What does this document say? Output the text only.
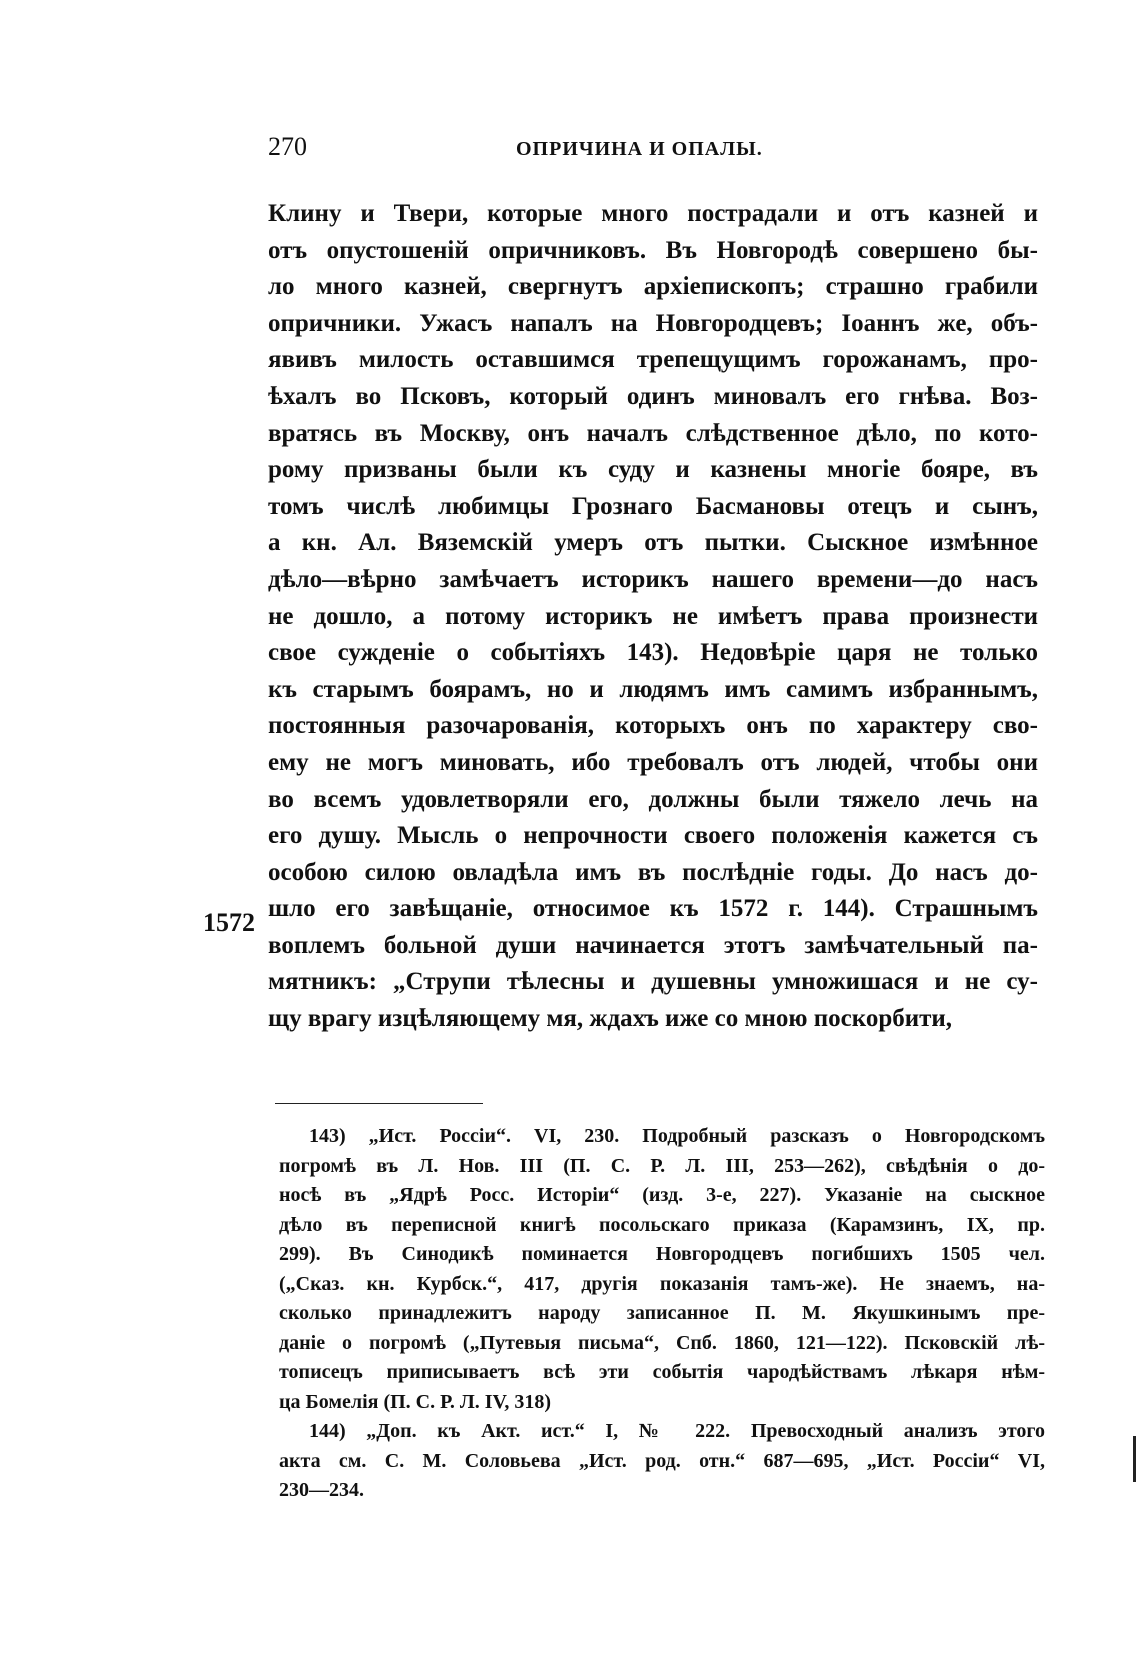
270	ОПРИЧИНА И ОПАЛЫ.
Клину и Твери, которые много пострадали и отъ казней и
отъ опустошеній опричниковъ. Въ Новгородѣ совершено бы-
ло много казней, свергнутъ архіепископъ; страшно грабили
опричники. Ужасъ напалъ на Новгородцевъ; Іоаннъ же, объ-
явивъ милость оставшимся трепещущимъ горожанамъ, про-
ѣхалъ во Псковъ, который одинъ миновалъ его гнѣва. Воз-
вратясь въ Москву, онъ началъ слѣдственное дѣло, по кото-
рому призваны были къ суду и казнены многіе бояре, въ
томъ числѣ любимцы Грознаго Басмановы отецъ и сынъ,
а кн. Ал. Вяземскій умеръ отъ пытки. Сыскное измѣнное
дѣло—вѣрно замѣчаетъ историкъ нашего времени—до насъ
не дошло, а потому историкъ не имѣетъ права произнести
свое сужденіе о событіяхъ 143). Недовѣріе царя не только
къ старымъ боярамъ, но и людямъ имъ самимъ избраннымъ,
постоянныя разочарованія, которыхъ онъ по характеру сво-
ему не могъ миновать, ибо требовалъ отъ людей, чтобы они
во всемъ удовлетворяли его, должны были тяжело лечь на
его душу. Мысль о непрочности своего положенія кажется съ
особою силою овладѣла имъ въ послѣдніе годы. До насъ до-
шло его завѣщаніе, относимое къ 1572 г. 144). Страшнымъ
воплемъ больной души начинается этотъ замѣчательный па-
мятникъ: „Струпи тѣлесны и душевны умножишася и не су-
щу врагу изцѣляющему мя, ждахъ иже со мною поскорбити,
1572
143) „Ист. Россіи“. VI, 230. Подробный разсказъ о Новгородскомъ
погромѣ въ Л. Нов. III (П. С. Р. Л. III, 253—262), свѣдѣнія о до-
носѣ въ „Ядрѣ Росс. Исторіи“ (изд. 3-е, 227). Указаніе на сыскное
дѣло въ переписной книгѣ посольскаго приказа (Карамзинъ, IX, пр.
299). Въ Синодикѣ поминается Новгородцевъ погибшихъ 1505 чел.
(„Сказ. кн. Курбск.“, 417, другія показанія тамъ-же). Не знаемъ, на-
сколько принадлежитъ народу записанное П. М. Якушкинымъ пре-
даніе о погромѣ („Путевыя письма“, Спб. 1860, 121—122). Псковскій лѣ-
тописецъ приписываетъ всѣ эти событія чародѣйствамъ лѣкаря нѣм-
ца Бомелія (П. С. Р. Л. IV, 318)
144) „Доп. къ Акт. ист.“ I, № 222. Превосходный анализъ этого
акта см. С. М. Соловьева „Ист. род. отн.“ 687—695, „Ист. Россіи“ VI,
230—234.
